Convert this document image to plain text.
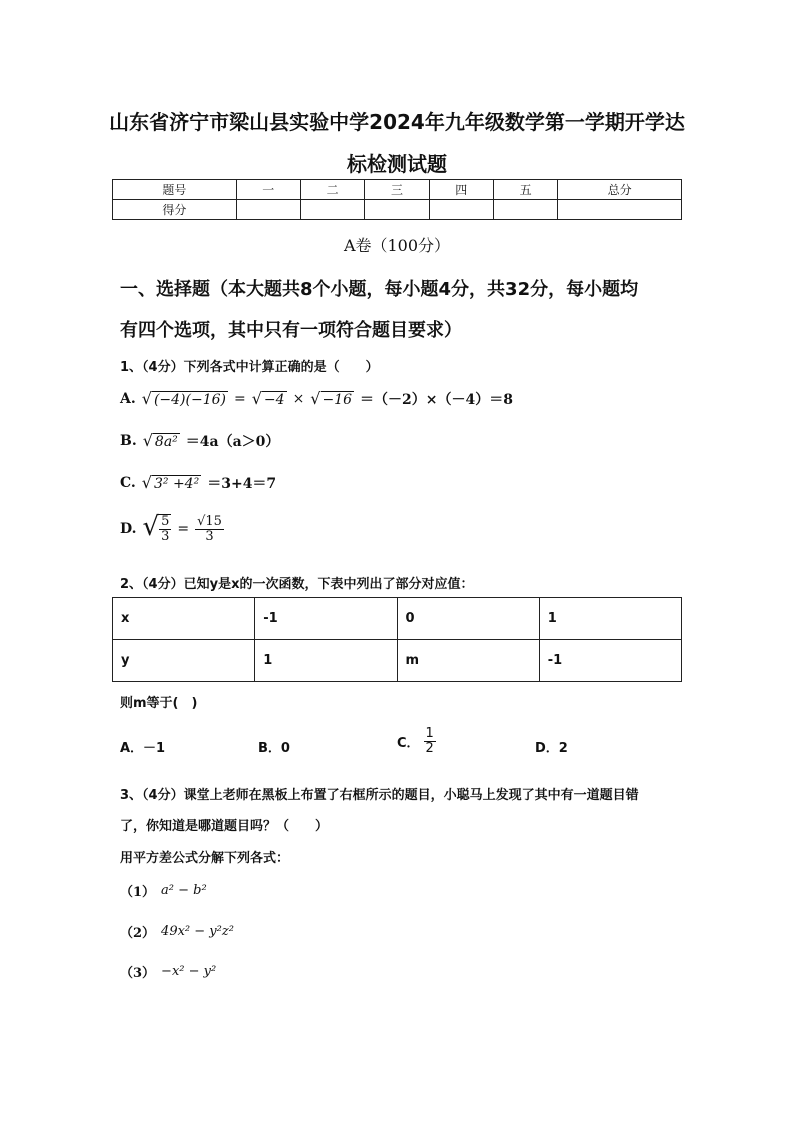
山东省济宁市梁山县实验中学2024年九年级数学第一学期开学达
标检测试题
题号	一	二	三	四	五	总分
得分						
A卷（100分）
一、选择题（本大题共8个小题，每小题4分，共32分，每小题均
有四个选项，其中只有一项符合题目要求）
1、（4分）下列各式中计算正确的是（　　）
A. √ (−4)(−16) = √ −4 × √ −16 ＝（－2）×（－4）＝8
B. √ 8a² ＝4a（a＞0）
C. √ 3² +4² ＝3+4＝7
D. √ $\frac{5}{3} = \frac{√15}{3}$
2、（4分）已知y是x的一次函数，下表中列出了部分对应值：
x	-1	0	1
y	1	m	-1
则m等于(　)
A．－1	B．0	C． $\frac{1}{2}$	D．2
3、（4分）课堂上老师在黑板上布置了右框所示的题目，小聪马上发现了其中有一道题目错
了，你知道是哪道题目吗？（　　）
用平方差公式分解下列各式：
（1） a² − b²
（2） 49x² − y²z²
（3） −x² − y²
